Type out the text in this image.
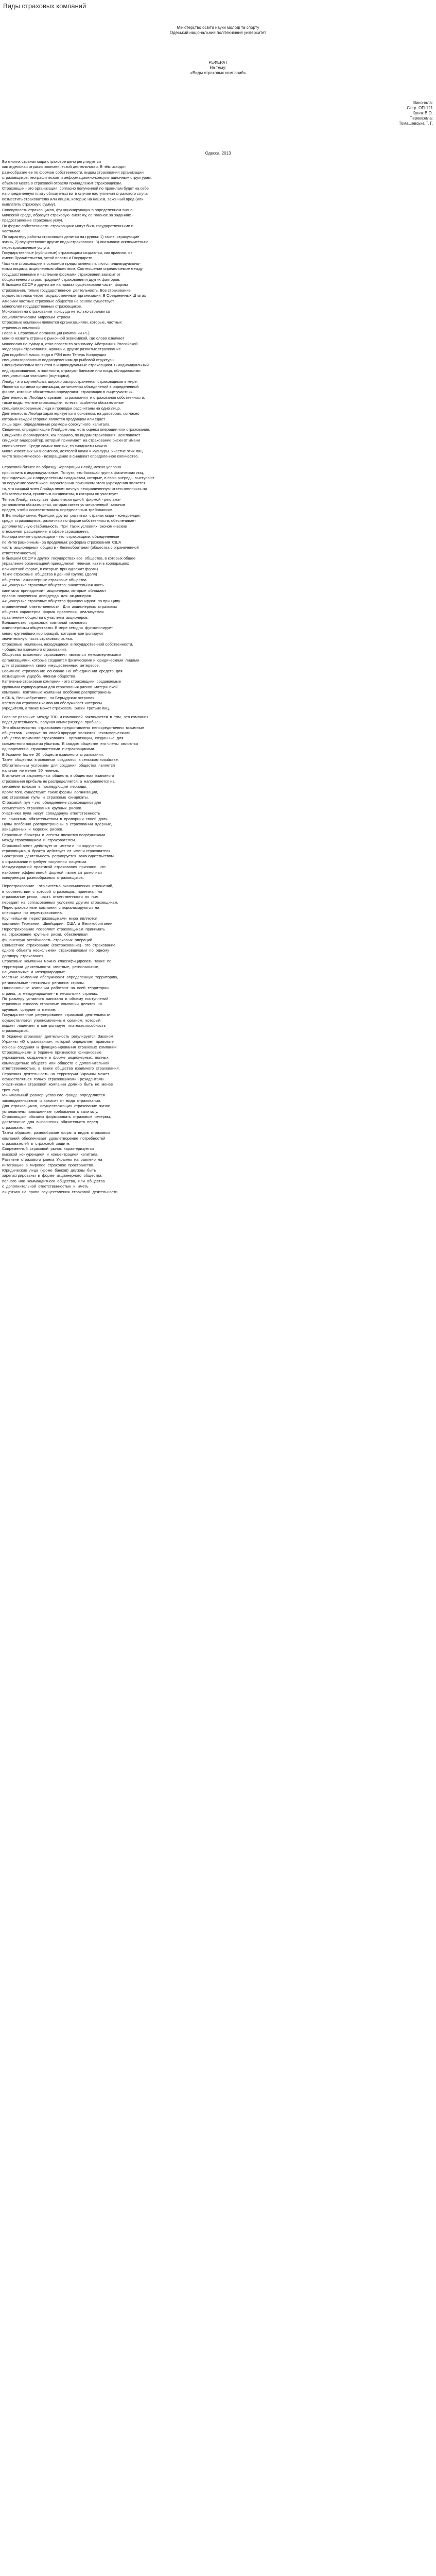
Виды страховых компаний
Міністерство освіти науки молоді та спорту
Одеський національний політехнічний університет
РЕФЕРАТ
На тему:
«Виды страховых компаний»
Виконала:
Ст.гр. ОП-121
Кулак В.О.
Перевірила:
Томашевська Т. Г.
Одесса, 2013

Во многих странах мира страховое дело регулируется

как отдельная отрасль экономической деятельности. В чём исходят

разнообразие ее по формам собственности, видам страхования организации

страховщиков, географическим и информационно-консультационным структурам,

объемов места в страховой отрасли принадлежит страховщикам.

Страховщик - это организация, согласно полученной по правилам будет на себе

на определенную плату обязательство  в случае наступления страхового случая

возместить страхователю или лицам, которые на нашем, законный вред (или

выплатить страховую сумму).

Совокупность страховщиков, функционирующих в определенном эконо-

мической среде, образует страховую  систему, её главное за заданиях -

предоставление страховых услуг.

По форме собственности  страховщики могут быть государственными и

частными.

По характеру работы страховщик делится на группы: 1) такие, страхующие

жизнь, 2) осуществляют другие виды страхования, 3) оказывают исключительно

перестраховочные услуги.

Государственные (публичные) страховщики создаются, как правило, от

имени Правительства, устой власти и Государств.

Частные страховщики в основном представлены являются индивидуальны-

ными лицами, акционерным обществом. Соотношение определяемое между

государственными и частными формами страхования зависит от

общественного строя, традиций страхования и других факторов.

В бывшем СССР и других же на правах существовали частн. формы

страхования, только государственное  деятельность. Все страхование

осуществлялось через государственные  организации. В Соединенных Штатах

Америки частные страховые общества на основе существует

монополия государственных страховщиков.

Монополия на страхование  присуща не только странам со

социалистическим  мировым  строем.

Страховые компании являются организациями, которые, частных

страховых компаний.

Глава 4. Страховые организации (компании РЕ)

можно назвать страны с рыночной экономикой, где слово означает

монополия на сумму а, стал совсем-то экономику. Абстракция Российской

Федерации страхования, Франции, других развитых страхование.

Для подобной массы вида в РЗИ всех Теперь Копроущих

специализированных подразделениям до рыбовой структуры.

Специфическими являются в индивидуальные страховщики. В индивидуальный

вид страховщиков, а частности, страхуют банками или лица, обладающими

специальными знаниями (оценщики).

Ллойд - это крупнейшая, широко распространенная страховщиков в мире.

Является органом организации, автономных объединений в определенной

форме, которые обязательно определяют  страховщик в лице-участник.

Деятельность  Ллойда открывает  страхования  и страхования собственности,

такие виды, мелкие страховщики, то есть  особенно обязательные

специализированные лица и проводки рассчитаны на одно лицо.

Деятельность Ллойда характеризуется в основном, на договорах, согласно

которым каждой стороне является продавцом или сдает

лишь один  определенные размеры совокупного  капитала.

Сведения, определяющие Ллойдом лиц, есть оценки операции или страхования.

Синдикаты формируются, как правило, по видам страхования. Возглавляет

синдикат андеррайтер, который принимает  на страхование риски от имени

своих членов. Среди самых важных, то синдикаты можно

много известных Бизнесменов, деятелей науки и культуры. Участие этих лиц

чисто экономическое - возвращение в синдикат определенное количество.

...

Страховой бизнес по образцу  корпорации Ллойд можно условно

причислить к индивидуальным. По сути, это большая группа физических лиц,

принадлежащих к определенным синдикатам, которые, в свою очередь, выступают

за поручение участников. Характерным признаком этого учреждения является

то, что каждый член Ллойда несет личную неограниченную ответственность по

обязательствам, принятым синдикатом, в котором он участвует.

Теперь Ллойд  выступает  фактически одной  фирмой - реклама-

установлена обязательная, которая имеет установленный  законом

предел, чтобы соответствовать определенным требованиям.

В Великобритании, Франции, других  развитых  странах мира - конкуренция

среди  страховщиков, различных по форме собственности, обеспечивает

дополнительную стабильность. При  таких условиях  экономические

отношения  расширение  в сфере страхования.

Корпоративные страховщики - это  страховщики, объединенные

по Интеграционным - за пределами: реформа страхования  США

часть  акционерных  обществ - Великобритания (общества с ограниченной

ответственностью).

В бывшем СССР и других  государствах все  общества, в которых общее

управление организацией принадлежит  членам, как и в корпорациях

или частной форме, в которых  принадлежат формы.

Такие страховые  общества в данной группе. (Доля)

общества - акционерные страховые общества.

Акционерные страховые общества: значительная часть

капитала  принадлежит  акционерам, которые  обладают

правом  получения  дивиденда  для  акционеров.

Акционерные страховые общества функционируют  по принципу

ограниченной  ответственности.  Для  акционерных  страховых

обществ  характерна  форма  правления,  реализуемая

правлением общества с участием  акционеров.

Большинство  страховых  компаний  являются

акционерными обществами. В мире сегодня  функционирует

много крупнейших корпораций,  которые  контролируют

значительную часть страхового рынка.

Страховые  компании, находящиеся  в государственной собственности,

- общества взаимного страхования.

Общества  взаимного  страхования  являются  некоммерческими

организациями, которые создаются физическими и юридическими  лицами

для  страхования  своих  имущественных  интересов.

Взаимное  страхование  основано  на  объединении  средств  для

возмещения  ущерба  членам общества.

Кэптивные страховые компании - это страховщики, создаваемые

крупными корпорациями для страхования рисков  материнской

компании.  Кэптивные компании  особенно распространены

в США, Великобритании,  на Бермудских островах.

Кэптивная страховая компания обслуживает интересы

учредителя, а также может страховать  риски  третьих лиц.

Главное различие  между ТВС  и компанией  заключается  в  том,  что компания

ведет деятельность, получая коммерческую  прибыль.

Это обязательство  страхования предоставлено  непосредственно  взаимным

обществам,  которые  по  своей природе  являются  некоммерческими.

Общества взаимного страхования  - организации,  созданные  для

совместного покрытия убытков.  В каждом обществе  его члены  являются

одновременно  страхователями  и страховщиками.

В Украине  более  20  обществ взаимного  страхования.

Такие  общества  в основном  создаются  в сельском хозяйстве.

Обязательным  условием  для  создания  общества  является

наличие  не менее  50  членов.

В отличие от акционерных  обществ, в обществах  взаимного

страхования прибыль не распределяется, а  направляется на

снижение  взносов  в  последующие  периоды.

Кроме того, существуют  такие формы  организации,

как  страховые  пулы  и  страховые  синдикаты.

Страховой  пул  - это  объединение страховщиков для

совместного  страхования  крупных  рисков.

Участники  пула  несут  солидарную  ответственность

по  принятым  обязательствам  в  пропорции  своей  доли.

Пулы  особенно  распространены  в  страховании  ядерных,

авиационных  и  морских  рисков.

Страховые  брокеры  и  агенты  являются посредниками

между страховщиком  и  страхователем.

Страховой агент  действует от  имени и  по поручению

страховщика, а  брокер  действует  от  имени страхователя.

Брокерская  деятельность  регулируется  законодательством

о страховании и требует получения  лицензии.

Международной  практикой  страхования  признано,  что

наиболее  эффективной  формой  является  рыночная

конкуренция  разнообразных  страховщиков.

Перестрахование  - это система  экономических  отношений,

в  соответствии  с  которой  страховщик,  принимая  на

страхование  риски,  часть  ответственности  по  ним

передает  на  согласованных  условиях  другим  страховщикам.

Перестраховочные  компании  специализируются  на

операциях  по  перестрахованию.

Крупнейшими  перестраховщиками  мира  являются

компании  Германии,  Швейцарии,  США  и  Великобритании.

Перестрахование  позволяет  страховщикам  принимать

на  страхование  крупные  риски,  обеспечивая

финансовую  устойчивость  страховых  операций.

Совместное  страхование  (сострахование) - это  страхование

одного  объекта  несколькими  страховщиками  по  одному

договору  страхования.

Страховые  компании  можно  классифицировать  также  по

территории  деятельности:  местные,  региональные,

национальные  и  международные.

Местные  компании  обслуживают  определенную  территорию,

региональные - несколько  регионов  страны.

Национальные  компании  работают  на  всей  территории

страны,  а  международные - в  нескольких  странах.

По  размеру  уставного  капитала  и  объему  поступлений

страховых  взносов  страховые  компании  делятся  на

крупные,  средние  и  мелкие.

Государственное  регулирование  страховой  деятельности

осуществляется  уполномоченным  органом,  который

выдает  лицензии  и  контролирует  платежеспособность

страховщиков.

В  Украине  страховая  деятельность  регулируется  Законом

Украины  «О  страховании»,  который  определяет  правовые

основы  создания  и  функционирования  страховых  компаний.

Страховщиками  в  Украине  признаются  финансовые

учреждения,  созданные  в  форме  акционерных,  полных,

коммандитных  обществ  или  обществ  с  дополнительной

ответственностью,  а  также  общества  взаимного  страхования.

Страховая  деятельность  на  территории  Украины  может

осуществляться  только  страховщиками - резидентами.

Участниками  страховой  компании  должно  быть  не  менее

трех  лиц.

Минимальный  размер  уставного  фонда  определяется

законодательством  и  зависит  от  вида  страхования.

Для  страховщиков,  осуществляющих  страхование  жизни,

установлены  повышенные  требования  к  капиталу.

Страховщики  обязаны  формировать  страховые  резервы,

достаточные  для  выполнения  обязательств  перед

страхователями.

Таким  образом,  разнообразие  форм  и  видов  страховых

компаний  обеспечивает  удовлетворение  потребностей

страхователей  в  страховой  защите.

Современный  страховой  рынок  характеризуется

высокой  конкуренцией  и  концентрацией  капитала.

Развитие  страхового  рынка  Украины  направлено  на

интеграцию  в  мировое  страховое  пространство.

Юридические  лица  (кроме  банков)  должны  быть

зарегистрированы  в  форме  акционерного  общества,

полного  или  коммандитного  общества,  или  общества

с  дополнительной  ответственностью  и  иметь

лицензию  на  право  осуществления  страховой  деятельности.
